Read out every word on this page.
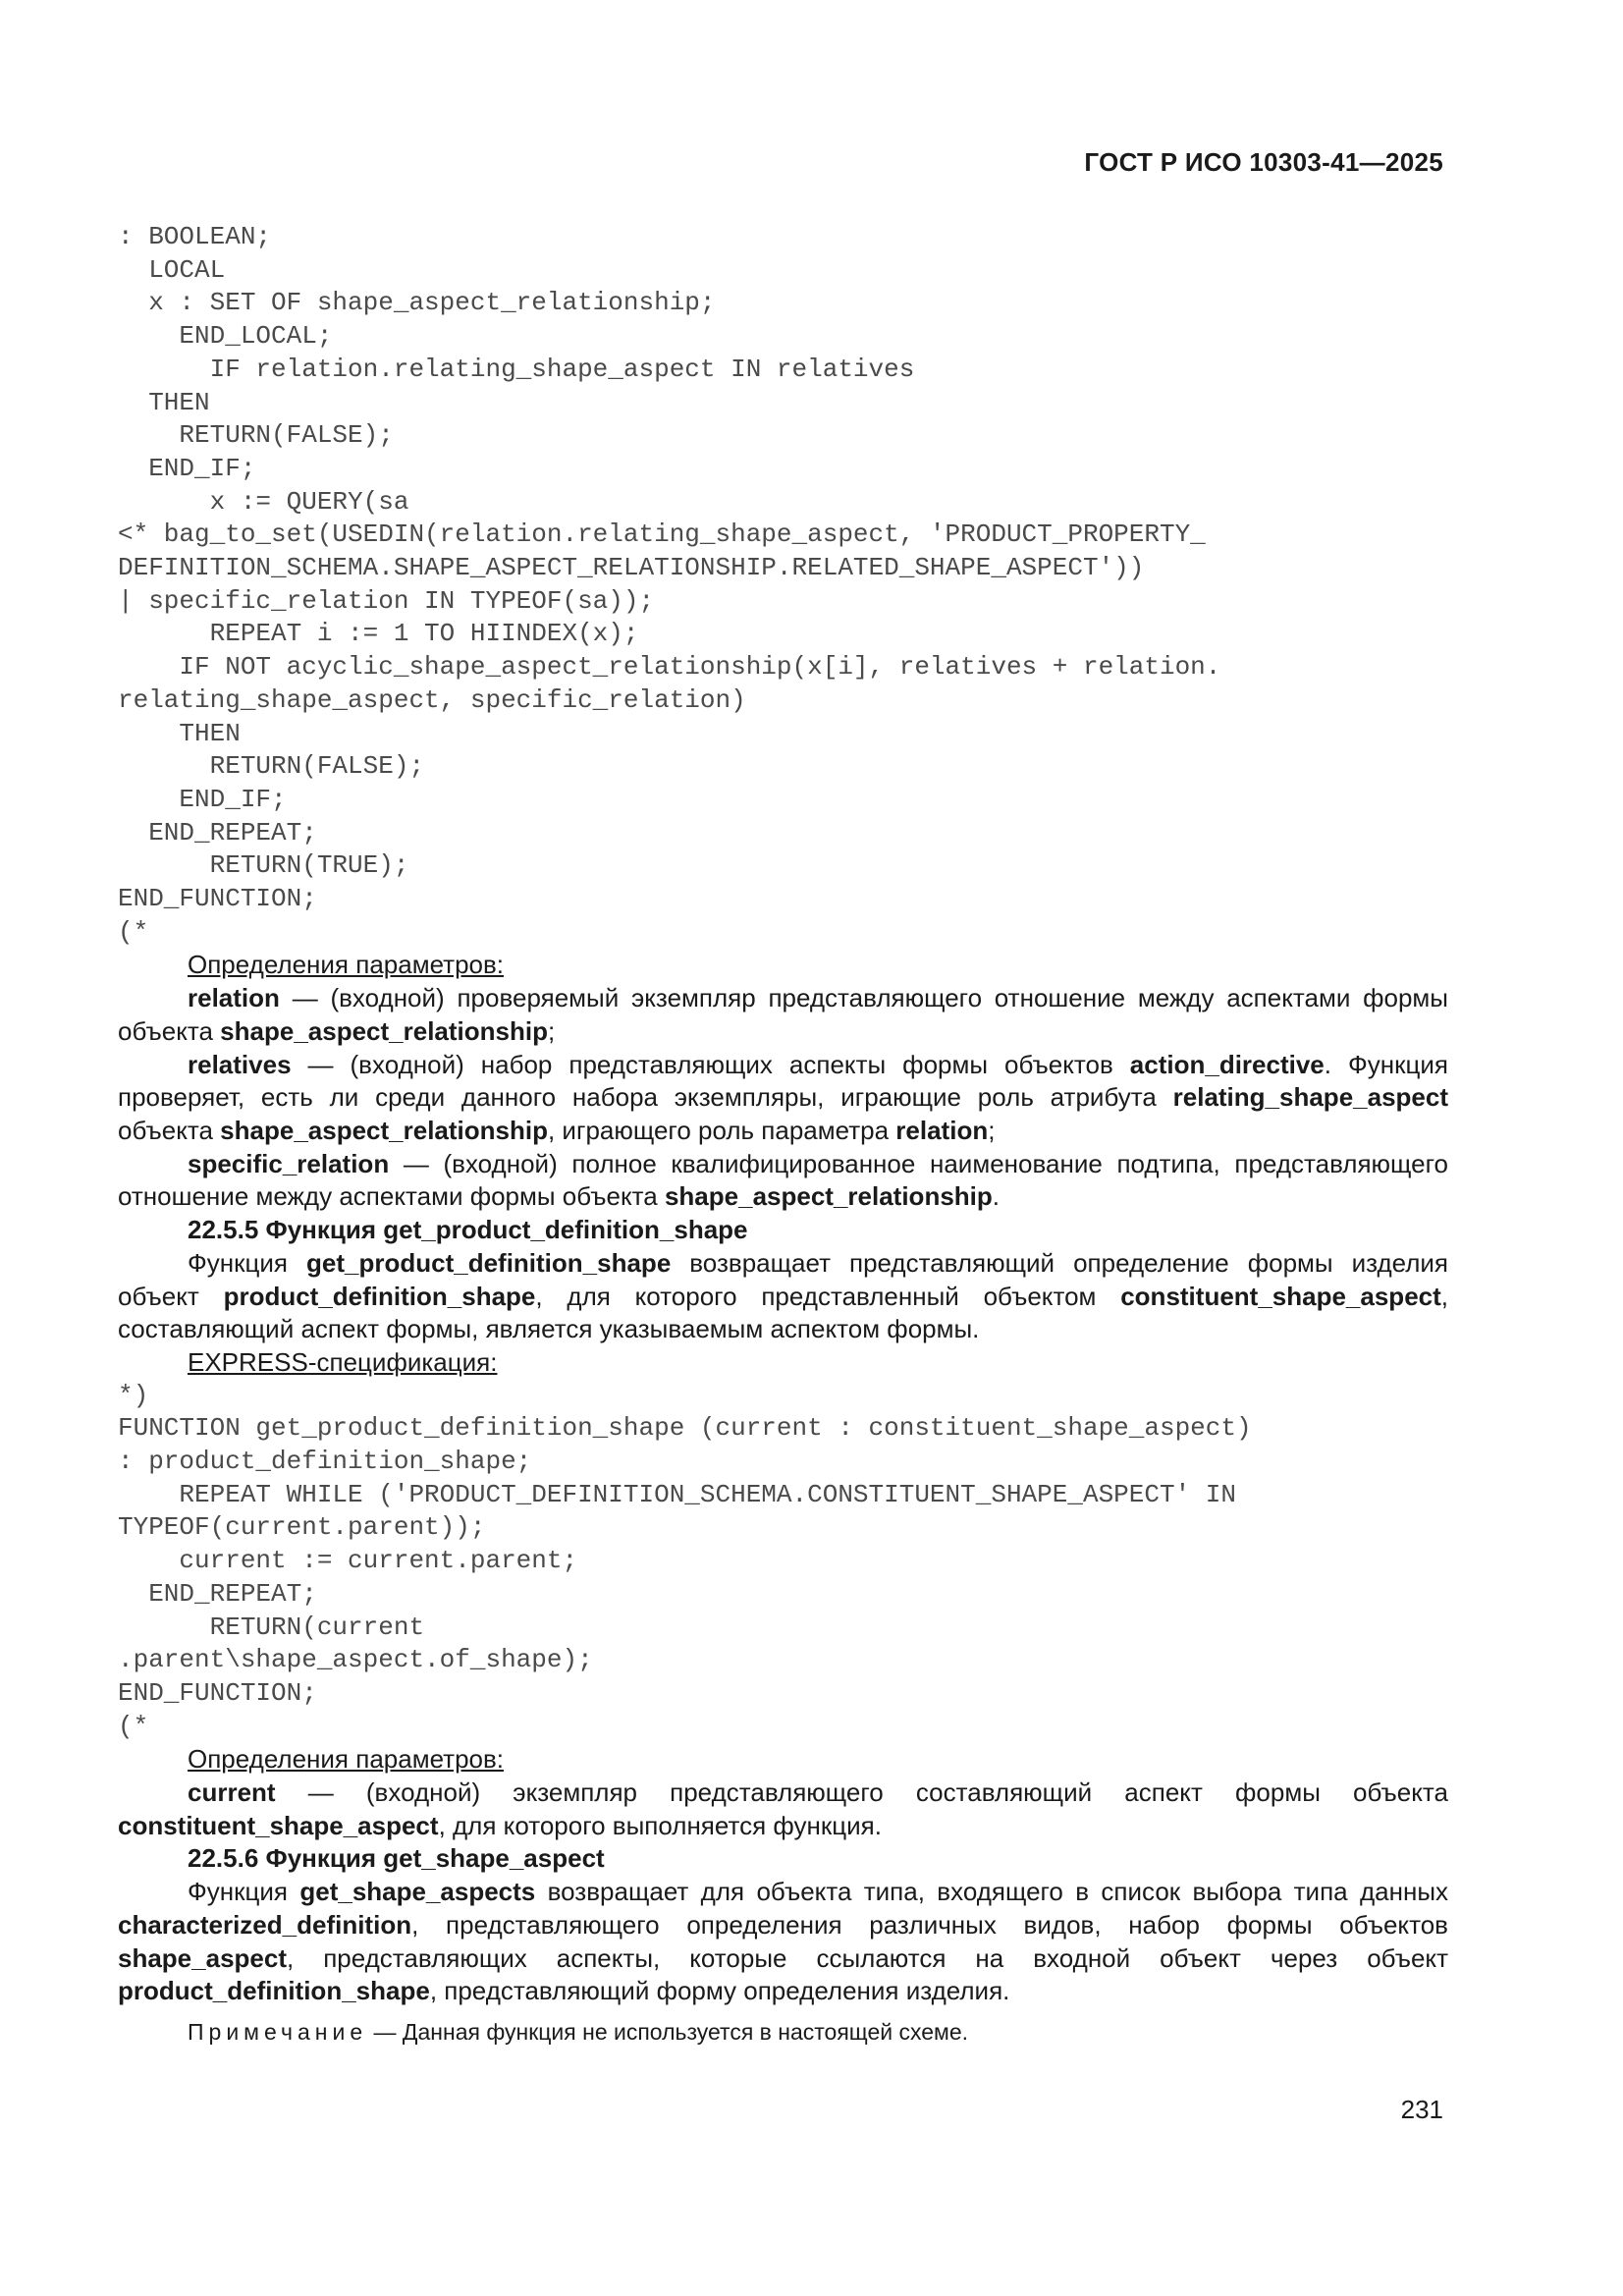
ГОСТ Р ИСО 10303-41—2025
: BOOLEAN;
LOCAL
x : SET OF shape_aspect_relationship;
END_LOCAL;
IF relation.relating_shape_aspect IN relatives
THEN
RETURN(FALSE);
END_IF;
x := QUERY(sa
<* bag_to_set(USEDIN(relation.relating_shape_aspect, 'PRODUCT_PROPERTY_
DEFINITION_SCHEMA.SHAPE_ASPECT_RELATIONSHIP.RELATED_SHAPE_ASPECT'))
| specific_relation IN TYPEOF(sa));
REPEAT i := 1 TO HIINDEX(x);
IF NOT acyclic_shape_aspect_relationship(x[i], relatives + relation.
relating_shape_aspect, specific_relation)
THEN
RETURN(FALSE);
END_IF;
END_REPEAT;
RETURN(TRUE);
END_FUNCTION;
(*

Определения параметров:

relation — (входной) проверяемый экземпляр представляющего отношение между аспектами формы объекта shape_aspect_relationship;

relatives — (входной) набор представляющих аспекты формы объектов action_directive. Функция проверяет, есть ли среди данного набора экземпляры, играющие роль атрибута relating_shape_aspect объекта shape_aspect_relationship, играющего роль параметра relation;

specific_relation — (входной) полное квалифицированное наименование подтипа, представляющего отношение между аспектами формы объекта shape_aspect_relationship.

22.5.5 Функция get_product_definition_shape

Функция get_product_definition_shape возвращает представляющий определение формы изделия объект product_definition_shape, для которого представленный объектом constituent_shape_aspect, составляющий аспект формы, является указываемым аспектом формы.

EXPRESS-спецификация:

*)
FUNCTION get_product_definition_shape (current : constituent_shape_aspect)
: product_definition_shape;
REPEAT WHILE ('PRODUCT_DEFINITION_SCHEMA.CONSTITUENT_SHAPE_ASPECT' IN
TYPEOF(current.parent));
current := current.parent;
END_REPEAT;
RETURN(current
.parent\shape_aspect.of_shape);
END_FUNCTION;
(*

Определения параметров:

current — (входной) экземпляр представляющего составляющий аспект формы объекта constituent_shape_aspect, для которого выполняется функция.

22.5.6 Функция get_shape_aspect

Функция get_shape_aspects возвращает для объекта типа, входящего в список выбора типа данных characterized_definition, представляющего определения различных видов, набор формы объектов shape_aspect, представляющих аспекты, которые ссылаются на входной объект через объект product_definition_shape, представляющий форму определения изделия.

Примечание — Данная функция не используется в настоящей схеме.

231
